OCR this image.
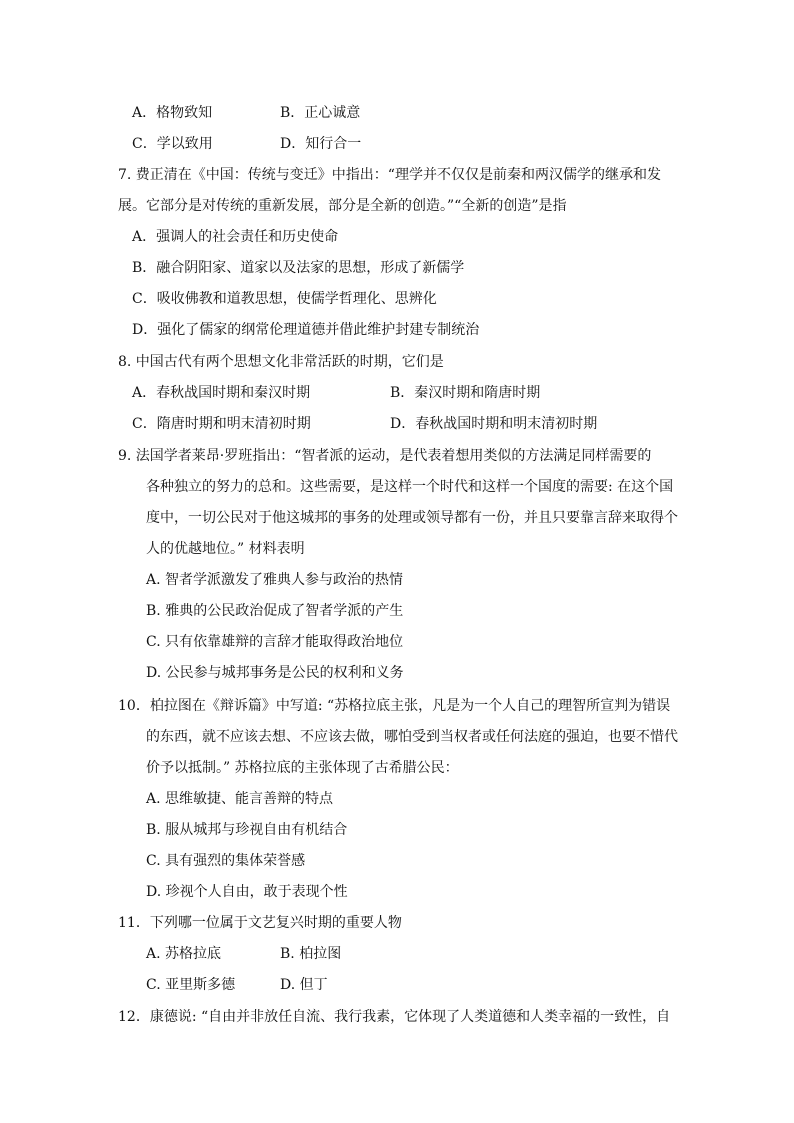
A．格物致知	B．正心诚意
C．学以致用	D．知行合一
7. 费正清在《中国：传统与变迁》中指出：“理学并不仅仅是前秦和两汉儒学的继承和发
展。它部分是对传统的重新发展，部分是全新的创造。”“全新的创造”是指
A．强调人的社会责任和历史使命
B．融合阴阳家、道家以及法家的思想，形成了新儒学
C．吸收佛教和道教思想，使儒学哲理化、思辨化
D．强化了儒家的纲常伦理道德并借此维护封建专制统治
8. 中国古代有两个思想文化非常活跃的时期，它们是
A．春秋战国时期和秦汉时期	B．秦汉时期和隋唐时期
C．隋唐时期和明末清初时期	D．春秋战国时期和明末清初时期
9. 法国学者莱昂·罗班指出：“智者派的运动，是代表着想用类似的方法满足同样需要的
各种独立的努力的总和。这些需要，是这样一个时代和这样一个国度的需要: 在这个国
度中，一切公民对于他这城邦的事务的处理或领导都有一份，并且只要靠言辞来取得个
人的优越地位。” 材料表明
A. 智者学派激发了雅典人参与政治的热情
B. 雅典的公民政治促成了智者学派的产生
C. 只有依靠雄辩的言辞才能取得政治地位
D. 公民参与城邦事务是公民的权利和义务
10．柏拉图在《辩诉篇》中写道: “苏格拉底主张，凡是为一个人自己的理智所宣判为错误
的东西，就不应该去想、不应该去做，哪怕受到当权者或任何法庭的强迫，也要不惜代
价予以抵制。” 苏格拉底的主张体现了古希腊公民：
A. 思维敏捷、能言善辩的特点
B. 服从城邦与珍视自由有机结合
C. 具有强烈的集体荣誉感
D. 珍视个人自由，敢于表现个性
11．下列哪一位属于文艺复兴时期的重要人物
A. 苏格拉底	B. 柏拉图
C. 亚里斯多德	D. 但丁
12．康德说: “自由并非放任自流、我行我素，它体现了人类道德和人类幸福的一致性，自
